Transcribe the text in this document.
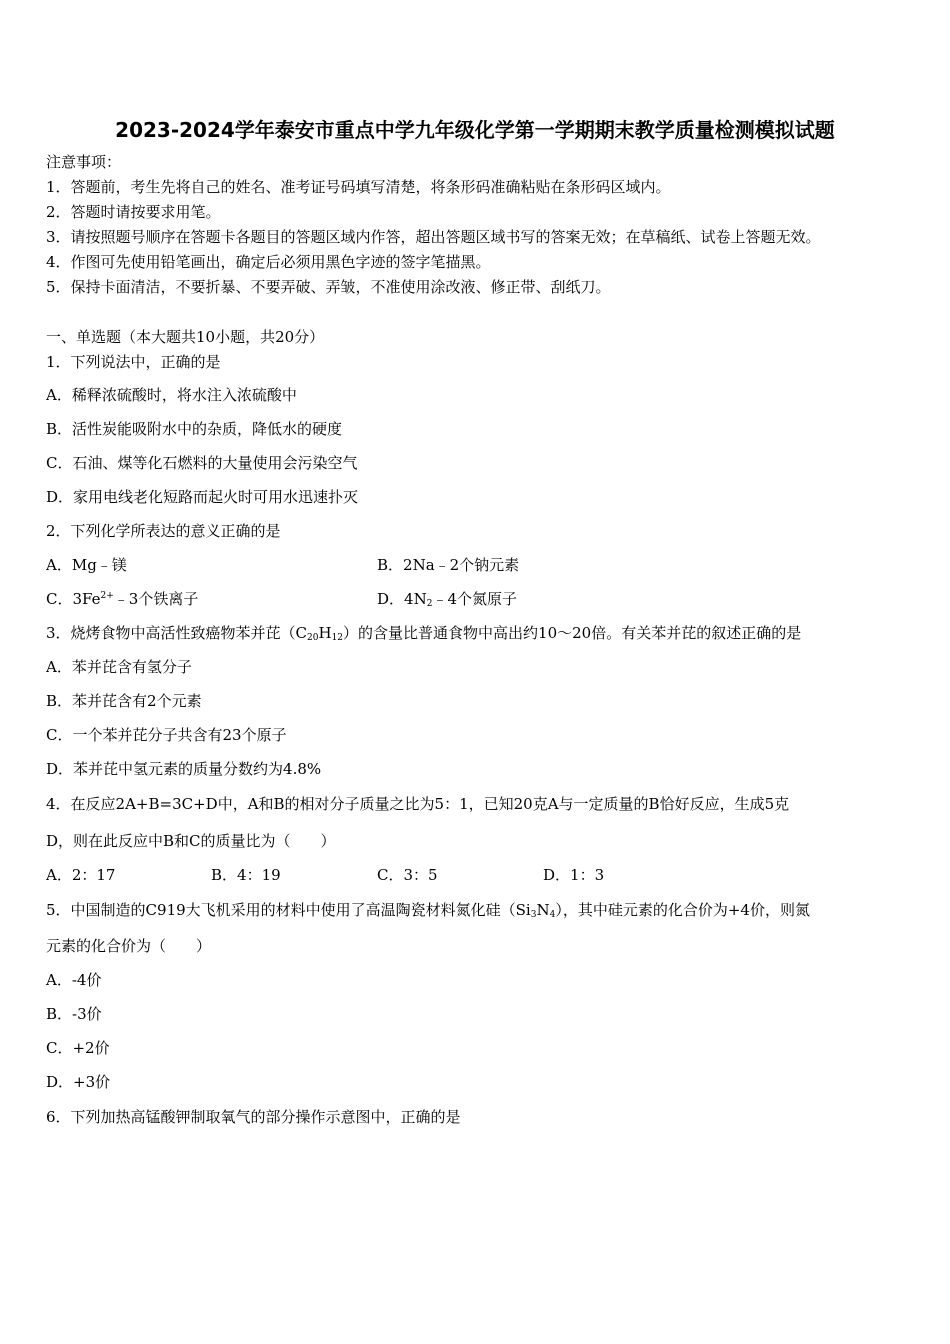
2023-2024学年泰安市重点中学九年级化学第一学期期末教学质量检测模拟试题
注意事项：
1．答题前，考生先将自己的姓名、准考证号码填写清楚，将条形码准确粘贴在条形码区域内。
2．答题时请按要求用笔。
3．请按照题号顺序在答题卡各题目的答题区域内作答，超出答题区域书写的答案无效；在草稿纸、试卷上答题无效。
4．作图可先使用铅笔画出，确定后必须用黑色字迹的签字笔描黑。
5．保持卡面清洁，不要折暴、不要弄破、弄皱，不准使用涂改液、修正带、刮纸刀。
一、单选题（本大题共10小题，共20分）
1．下列说法中，正确的是
A．稀释浓硫酸时，将水注入浓硫酸中
B．活性炭能吸附水中的杂质，降低水的硬度
C．石油、煤等化石燃料的大量使用会污染空气
D．家用电线老化短路而起火时可用水迅速扑灭
2．下列化学所表达的意义正确的是
A．Mg﹣镁	B．2Na﹣2个钠元素
C．$3Fe^{2+}﹣3$个铁离子	D．$4N_2﹣4$个氮原子
3．烧烤食物中高活性致癌物苯并芘$(C_{20}H_{12})$的含量比普通食物中高出约10～20倍。有关苯并芘的叙述正确的是
A．苯并芘含有氢分子
B．苯并芘含有2个元素
C．一个苯并芘分子共含有23个原子
D．苯并芘中氢元素的质量分数约为4.8%
4．在反应2A+B=3C+D中，A和B的相对分子质量之比为5：1，已知20克A与一定质量的B恰好反应，生成5克
D，则在此反应中B和C的质量比为（　　）
A．2：17	B．4：19	C．3：5	D．1：3
5．中国制造的C919大飞机采用的材料中使用了高温陶瓷材料氮化硅$(Si_3N_4)$，其中硅元素的化合价为+4价，则氮
元素的化合价为（　　）
A．-4价
B．-3价
C．+2价
D．+3价
6．下列加热高锰酸钾制取氧气的部分操作示意图中，正确的是
